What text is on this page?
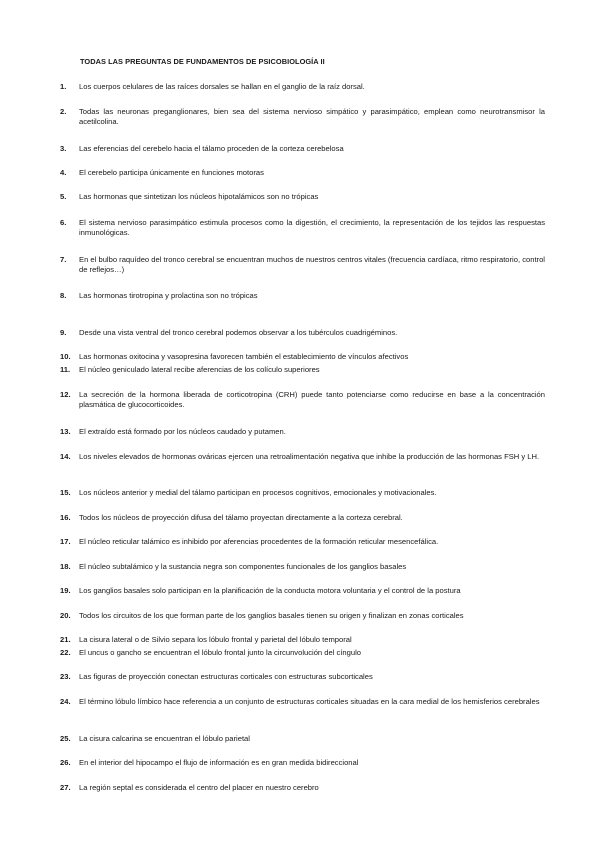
TODAS LAS PREGUNTAS DE FUNDAMENTOS DE PSICOBIOLOGÍA II
1.	Los cuerpos celulares de las raíces dorsales se hallan en el ganglio de la raíz dorsal.
2.	Todas las neuronas preganglionares, bien sea del sistema nervioso simpático y parasimpático, emplean como neurotransmisor la acetilcolina.
3.	Las eferencias del cerebelo hacia el tálamo proceden de la corteza cerebelosa
4.	El cerebelo participa únicamente en funciones motoras
5.	Las hormonas que sintetizan los núcleos hipotalámicos son no trópicas
6.	El sistema nervioso parasimpático estimula procesos como la digestión, el crecimiento, la representación de los tejidos las respuestas inmunológicas.
7.	En el bulbo raquídeo del tronco cerebral se encuentran muchos de nuestros centros vitales (frecuencia cardíaca, ritmo respiratorio, control de reflejos…)
8.	Las hormonas tirotropina y prolactina son no trópicas
9.	Desde una vista ventral del tronco cerebral podemos observar a los tubérculos cuadrigéminos.
10.	Las hormonas oxitocina y vasopresina favorecen también el establecimiento de vínculos afectivos
11.	El núcleo geniculado lateral recibe aferencias de los colículo superiores
12.	La secreción de la hormona liberada de corticotropina (CRH) puede tanto potenciarse como reducirse en base a la concentración plasmática de glucocorticoides.
13.	El extraído está formado por los núcleos caudado y putamen.
14.	Los niveles elevados de hormonas ováricas ejercen una retroalimentación negativa que inhibe la producción de las hormonas FSH y LH.
15.	Los núcleos anterior y medial del tálamo participan en procesos cognitivos, emocionales y motivacionales.
16.	Todos los núcleos de proyección difusa del tálamo proyectan directamente a la corteza cerebral.
17.	El núcleo reticular talámico es inhibido por aferencias procedentes de la formación reticular mesencefálica.
18.	El núcleo subtalámico y la sustancia negra son componentes funcionales de los ganglios basales
19.	Los ganglios basales solo participan en la planificación de la conducta motora voluntaria y el control de la postura
20.	Todos los circuitos de los que forman parte de los ganglios basales tienen su origen y finalizan en zonas corticales
21.	La cisura lateral o de Silvio separa los lóbulo frontal y parietal del lóbulo temporal
22.	El uncus o gancho se encuentran el lóbulo frontal junto la circunvolución del cíngulo
23.	Las figuras de proyección conectan estructuras corticales con estructuras subcorticales
24.	El término lóbulo límbico hace referencia a un conjunto de estructuras corticales situadas en la cara medial de los hemisferios cerebrales
25.	La cisura calcarina se encuentran el lóbulo parietal
26.	En el interior del hipocampo el flujo de información es en gran medida bidireccional
27.	La región septal es considerada el centro del placer en nuestro cerebro
